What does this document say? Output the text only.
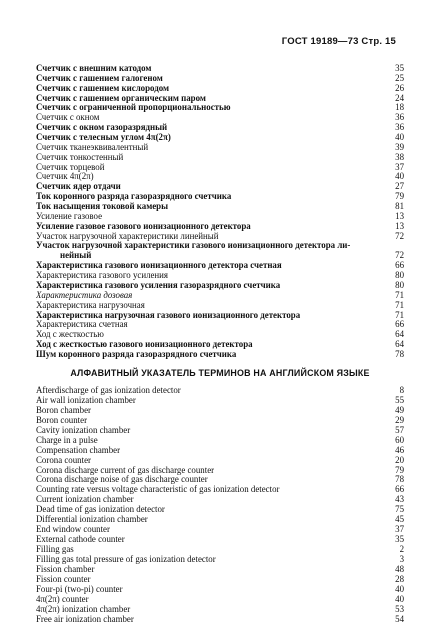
ГОСТ 19189—73 Стр. 15
Счетчик с внешним катодом	35
Счетчик с гашением галогеном	25
Счетчик с гашением кислородом	26
Счетчик с гашением органическим паром	24
Счетчик с ограниченной пропорциональностью	18
Счетчик с окном	36
Счетчик с окном газоразрядный	36
Счетчик с телесным углом 4π(2π)	40
Счетчик тканеэквивалентный	39
Счетчик тонкостенный	38
Счетчик торцевой	37
Счетчик 4π(2π)	40
Счетчик ядер отдачи	27
Ток коронного разряда газоразрядного счетчика	79
Ток насыщения токовой камеры	81
Усиление газовое	13
Усиление газовое газового ионизационного детектора	13
Участок нагрузочной характеристики линейный	72
Участок нагрузочной характеристики газового ионизационного детектора ли-
нейный	72
Характеристика газового ионизационного детектора счетная	66
Характеристика газового усиления	80
Характеристика газового усиления газоразрядного счетчика	80
Характеристика дозовая	71
Характеристика нагрузочная	71
Характеристика нагрузочная газового ионизационного детектора	71
Характеристика счетная	66
Ход с жесткостью	64
Ход с жесткостью газового ионизационного детектора	64
Шум коронного разряда газоразрядного счетчика	78
АЛФАВИТНЫЙ УКАЗАТЕЛЬ ТЕРМИНОВ НА АНГЛИЙСКОМ ЯЗЫКЕ
Afterdischarge of gas ionization detector	8
Air wall ionization chamber	55
Boron chamber	49
Boron counter	29
Cavity ionization chamber	57
Charge in a pulse	60
Compensation chamber	46
Corona counter	20
Corona discharge current of gas discharge counter	79
Corona discharge noise of gas discharge counter	78
Counting rate versus voltage characteristic of gas ionization detector	66
Current ionization chamber	43
Dead time of gas ionization detector	75
Differential ionization chamber	45
End window counter	37
External cathode counter	35
Filling gas	2
Filling gas total pressure of gas ionization detector	3
Fission chamber	48
Fission counter	28
Four-pi (two-pi) counter	40
4π(2π) counter	40
4π(2π) ionization chamber	53
Free air ionization chamber	54
